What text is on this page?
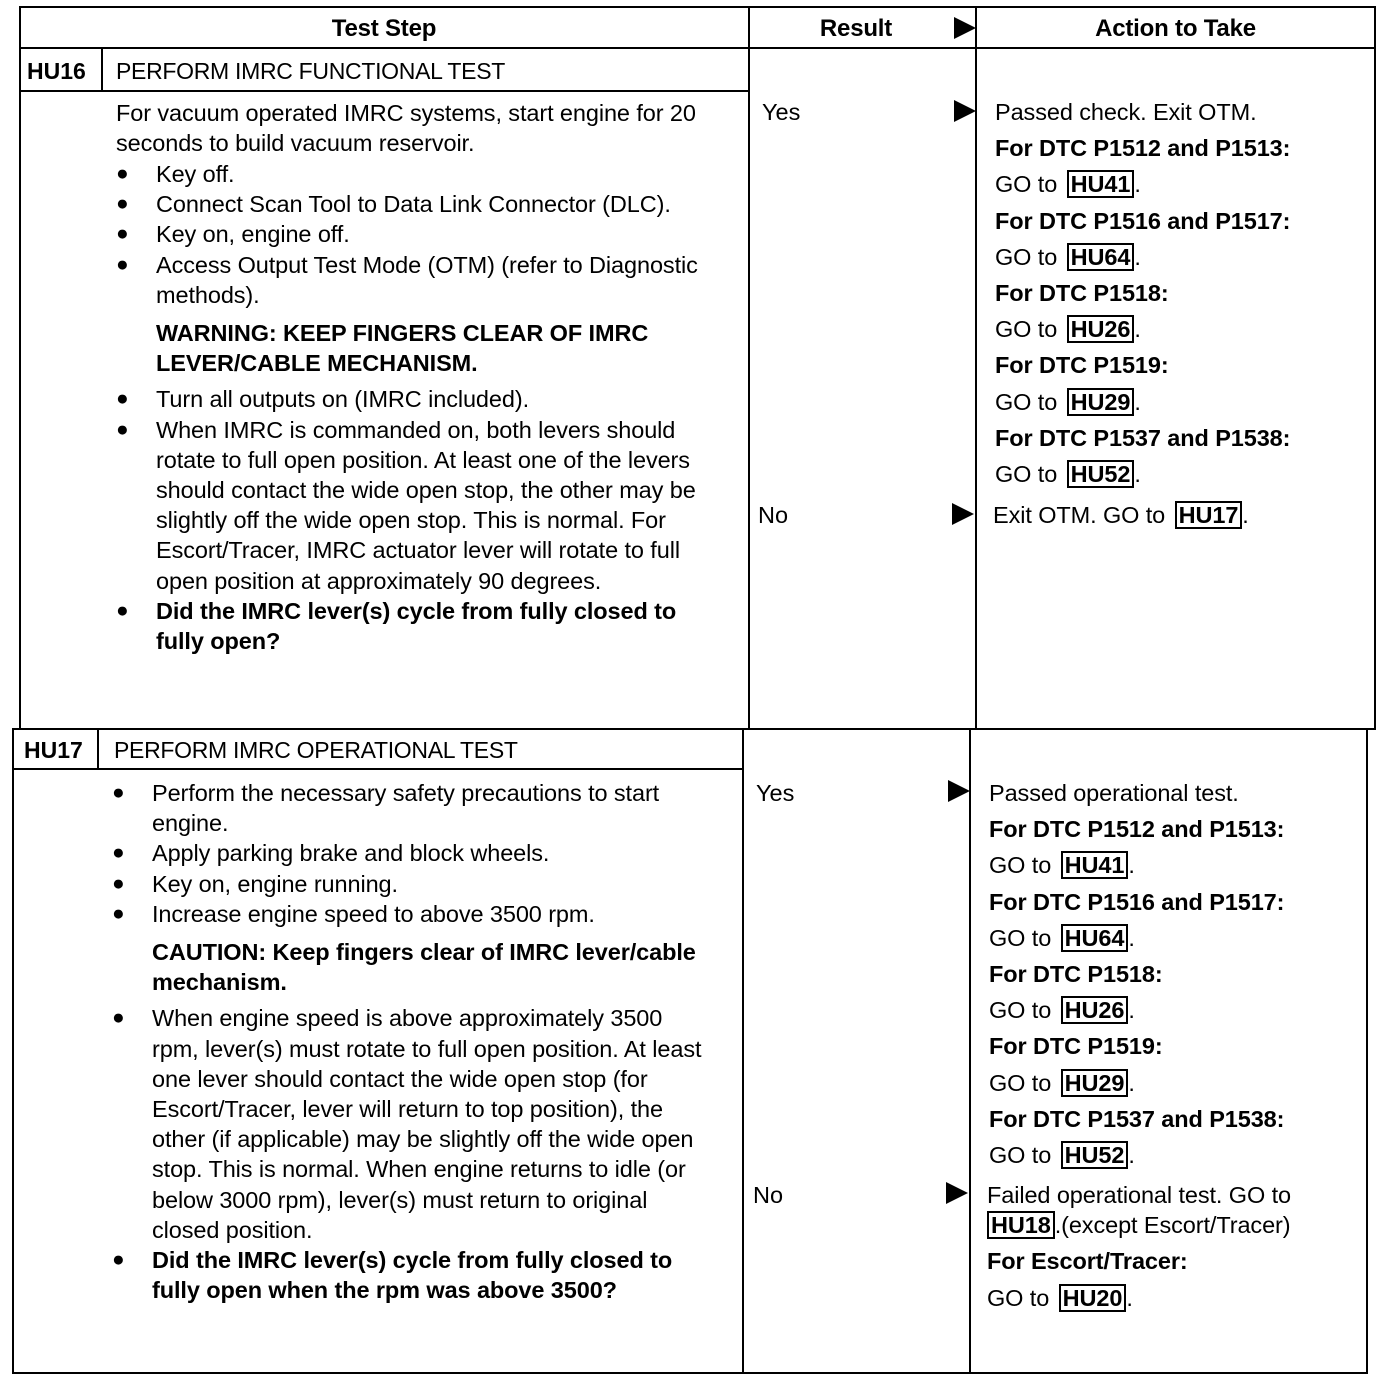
Test Step	Result	Action to Take
HU16 PERFORM IMRC FUNCTIONAL TEST
For vacuum operated IMRC systems, start engine for 20 seconds to build vacuum reservoir.
● Key off.
● Connect Scan Tool to Data Link Connector (DLC).
● Key on, engine off.
● Access Output Test Mode (OTM) (refer to Diagnostic methods).
WARNING: KEEP FINGERS CLEAR OF IMRC LEVER/CABLE MECHANISM.
● Turn all outputs on (IMRC included).
● When IMRC is commanded on, both levers should rotate to full open position. At least one of the levers should contact the wide open stop, the other may be slightly off the wide open stop. This is normal. For Escort/Tracer, IMRC actuator lever will rotate to full open position at approximately 90 degrees.
● Did the IMRC lever(s) cycle from fully closed to fully open?
Yes
No

Passed check. Exit OTM.

For DTC P1512 and P1513:

GO to HU41 .

For DTC P1516 and P1517:

GO to HU64 .

For DTC P1518:

GO to HU26 .

For DTC P1519:

GO to HU29 .

For DTC P1537 and P1538:

GO to HU52 .

Exit OTM. GO to HU17 .

HU17 PERFORM IMRC OPERATIONAL TEST
● Perform the necessary safety precautions to start engine.
● Apply parking brake and block wheels.
● Key on, engine running.
● Increase engine speed to above 3500 rpm.
CAUTION: Keep fingers clear of IMRC lever/cable mechanism.
● When engine speed is above approximately 3500 rpm, lever(s) must rotate to full open position. At least one lever should contact the wide open stop (for Escort/Tracer, lever will return to top position), the other (if applicable) may be slightly off the wide open stop. This is normal. When engine returns to idle (or below 3000 rpm), lever(s) must return to original closed position.
● Did the IMRC lever(s) cycle from fully closed to fully open when the rpm was above 3500?
Yes
No

Passed operational test.

For DTC P1512 and P1513:

GO to HU41 .

For DTC P1516 and P1517:

GO to HU64 .

For DTC P1518:

GO to HU26 .

For DTC P1519:

GO to HU29 .

For DTC P1537 and P1538:

GO to HU52 .

Failed operational test. GO to

HU18 .(except Escort/Tracer)

For Escort/Tracer:

GO to HU20 .
